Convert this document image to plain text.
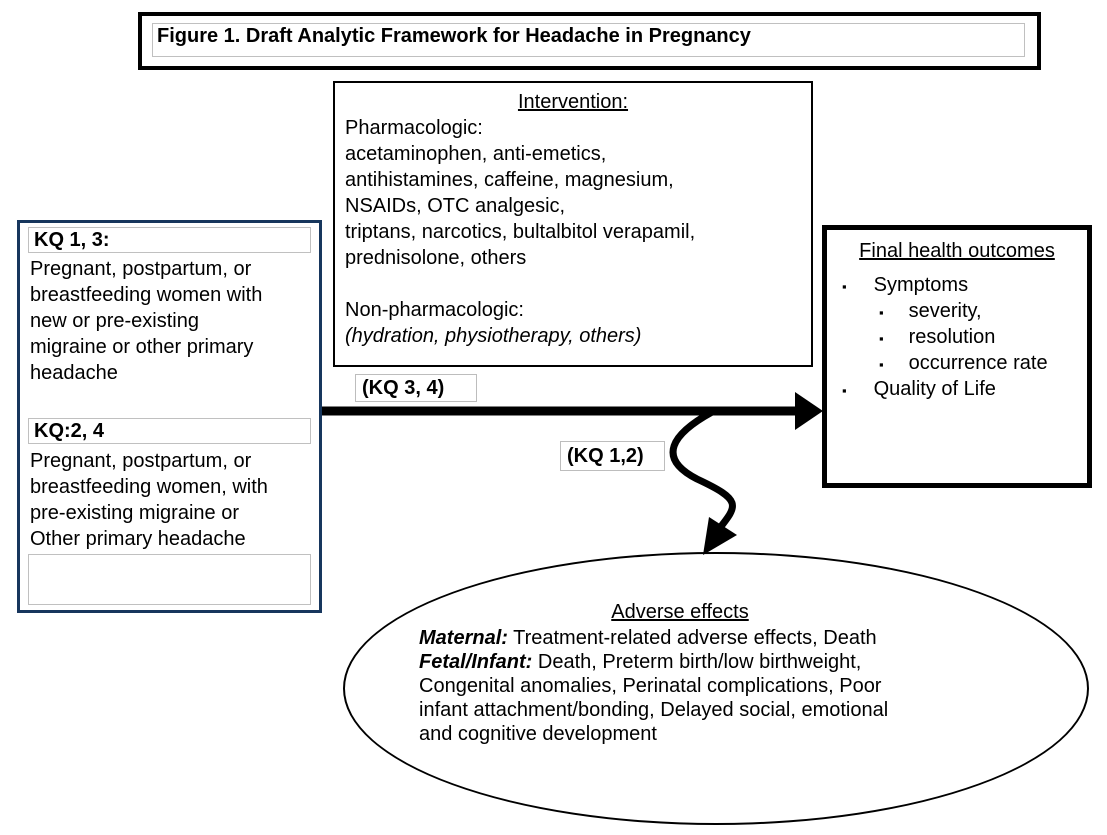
Figure 1. Draft Analytic Framework for Headache in Pregnancy
Intervention:
Pharmacologic:
acetaminophen, anti-emetics,
antihistamines, caffeine, magnesium,
NSAIDs, OTC analgesic,
triptans, narcotics, bultalbitol verapamil,
prednisolone, others
Non-pharmacologic:
(hydration, physiotherapy, others)
KQ 1, 3:
Pregnant, postpartum, or
breastfeeding women with
new or pre-existing
migraine or other primary
headache
KQ:2, 4
Pregnant, postpartum, or
breastfeeding women, with
pre-existing migraine or
Other primary headache
Final health outcomes
▪ Symptoms
▪ severity,
▪ resolution
▪ occurrence rate
▪ Quality of Life
(KQ 3, 4)
(KQ 1,2)
Adverse effects
Maternal: Treatment-related adverse effects, Death
Fetal/Infant: Death, Preterm birth/low birthweight,
Congenital anomalies, Perinatal complications, Poor
infant attachment/bonding, Delayed social, emotional
and cognitive development
